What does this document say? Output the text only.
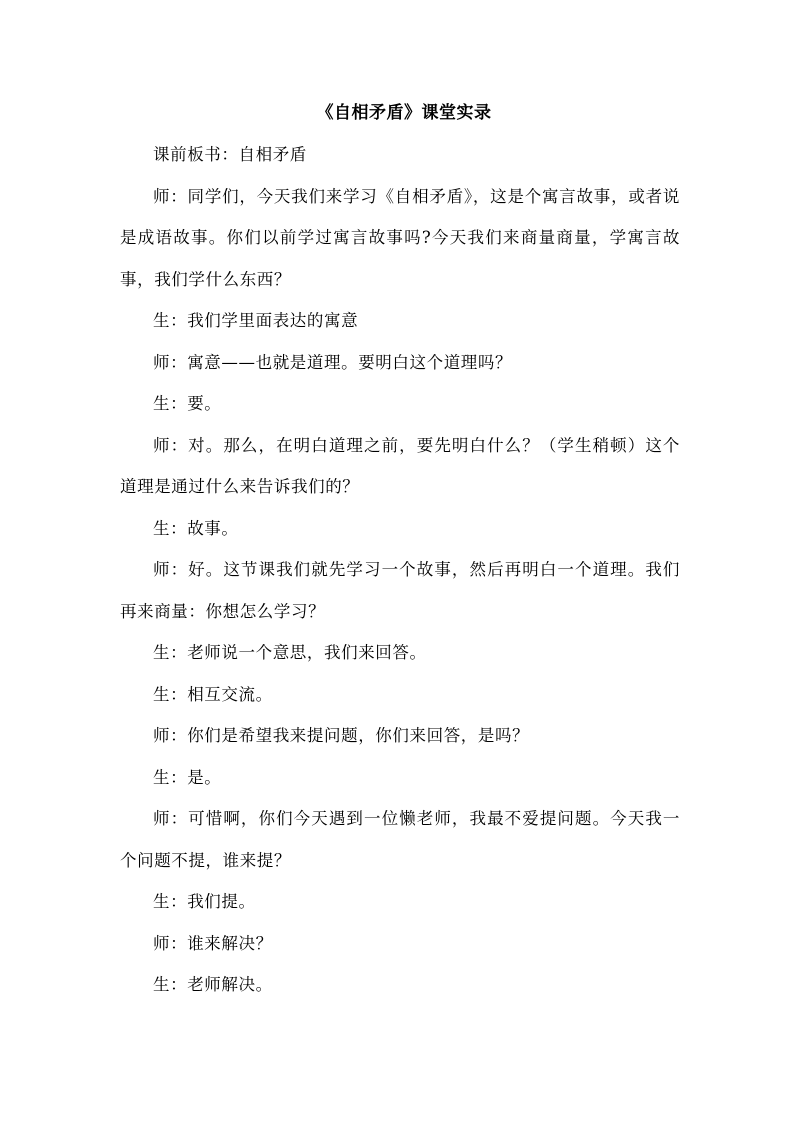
《自相矛盾》课堂实录

课前板书：自相矛盾

师：同学们，今天我们来学习《自相矛盾》，这是个寓言故事，或者说是成语故事。你们以前学过寓言故事吗?今天我们来商量商量，学寓言故事，我们学什么东西？

生：我们学里面表达的寓意

师：寓意——也就是道理。要明白这个道理吗？

生：要。

师：对。那么，在明白道理之前，要先明白什么？（学生稍顿）这个道理是通过什么来告诉我们的？

生：故事。

师：好。这节课我们就先学习一个故事，然后再明白一个道理。我们再来商量：你想怎么学习？

生：老师说一个意思，我们来回答。

生：相互交流。

师：你们是希望我来提问题，你们来回答，是吗？

生：是。

师：可惜啊，你们今天遇到一位懒老师，我最不爱提问题。今天我一个问题不提，谁来提？

生：我们提。

师：谁来解决？

生：老师解决。
